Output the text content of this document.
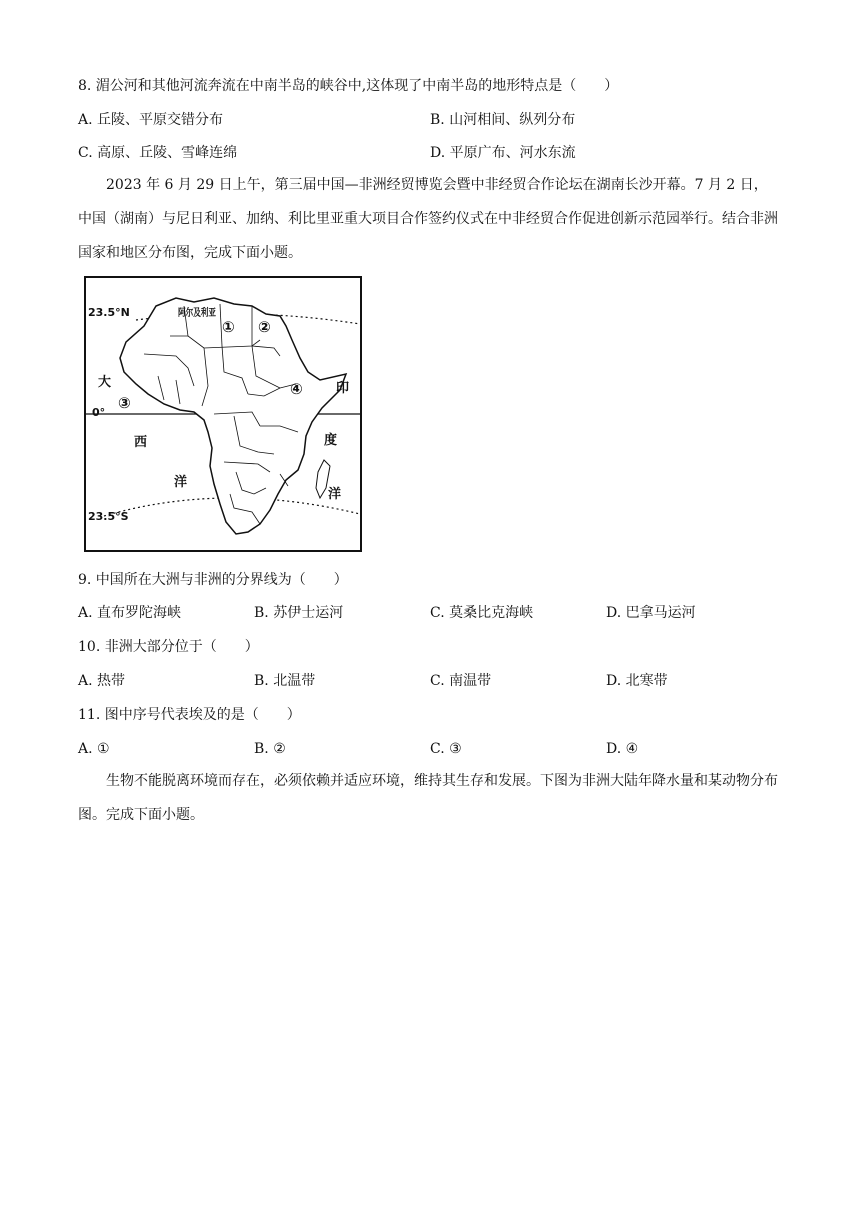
8. 湄公河和其他河流奔流在中南半岛的峡谷中,这体现了中南半岛的地形特点是（　　）
A. 丘陵、平原交错分布	B. 山河相间、纵列分布
C. 高原、丘陵、雪峰连绵	D. 平原广布、河水东流
2023 年 6 月 29 日上午，第三届中国—非洲经贸博览会暨中非经贸合作论坛在湖南长沙开幕。7 月 2 日，中国（湖南）与尼日利亚、加纳、利比里亚重大项目合作签约仪式在中非经贸合作促进创新示范园举行。结合非洲国家和地区分布图，完成下面小题。
23.5°N
0°
23.5°S
阿尔及利亚
大
西
洋
印
度
洋
① ②
③
④
9. 中国所在大洲与非洲的分界线为（　　）
A. 直布罗陀海峡	B. 苏伊士运河	C. 莫桑比克海峡	D. 巴拿马运河
10. 非洲大部分位于（　　）
A. 热带	B. 北温带	C. 南温带	D. 北寒带
11. 图中序号代表埃及的是（　　）
A. ①	B. ②	C. ③	D. ④
生物不能脱离环境而存在，必须依赖并适应环境，维持其生存和发展。下图为非洲大陆年降水量和某动物分布图。完成下面小题。
